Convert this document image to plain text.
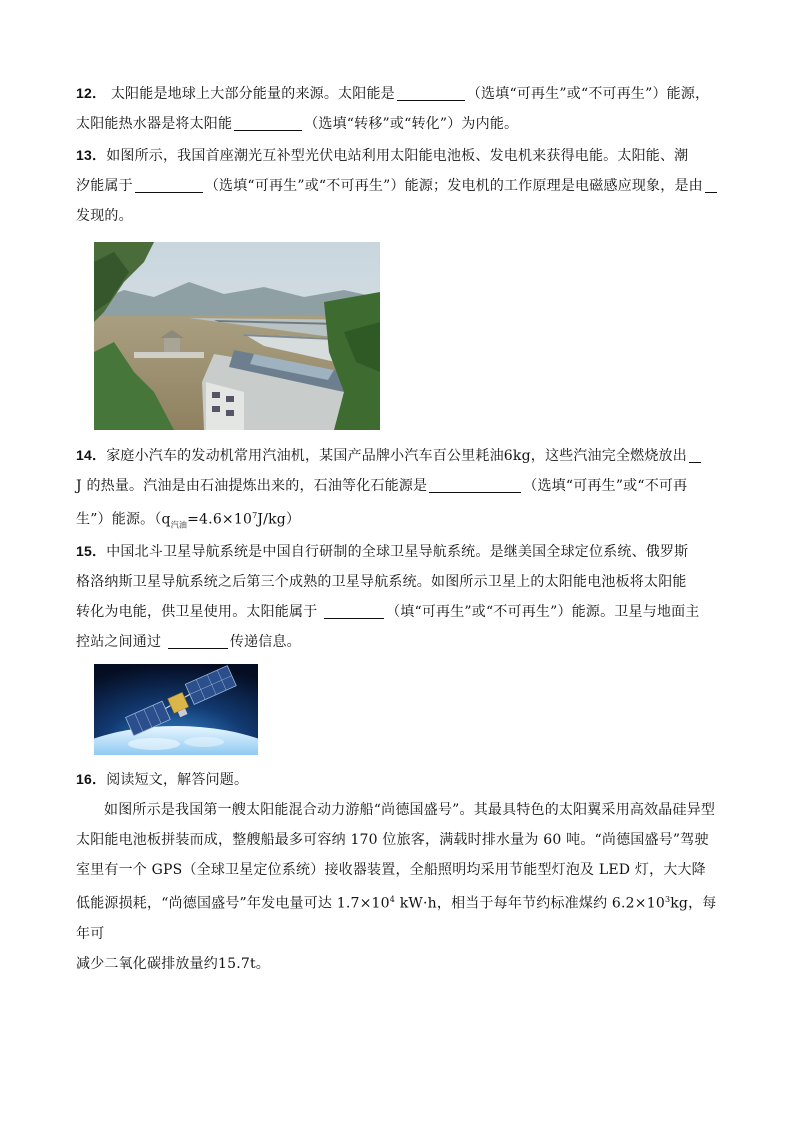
12． 太阳能是地球上大部分能量的来源。太阳能是	（选填“可再生”或“不可再生”）能源，

太阳能热水器是将太阳能	（选填“转移”或“转化”）为内能。

13．如图所示，我国首座潮光互补型光伏电站利用太阳能电池板、发电机来获得电能。太阳能、潮

汐能属于	（选填“可再生”或“不可再生”）能源；发电机的工作原理是电磁感应现象，是由

发现的。

14．家庭小汽车的发动机常用汽油机，某国产品牌小汽车百公里耗油6kg，这些汽油完全燃烧放出

J 的热量。汽油是由石油提炼出来的，石油等化石能源是	（选填“可再生”或“不可再

生”）能源。$(q_{汽油}=4.6\times 10^7J/kg)$

15．中国北斗卫星导航系统是中国自行研制的全球卫星导航系统。是继美国全球定位系统、俄罗斯

格洛纳斯卫星导航系统之后第三个成熟的卫星导航系统。如图所示卫星上的太阳能电池板将太阳能

转化为电能，供卫星使用。太阳能属于	（填“可再生”或“不可再生”）能源。卫星与地面主

控站之间通过	传递信息。

16．阅读短文，解答问题。

如图所示是我国第一艘太阳能混合动力游船“尚德国盛号”。其最具特色的太阳翼采用高效晶硅异型

太阳能电池板拼装而成，整艘船最多可容纳 170 位旅客，满载时排水量为 60 吨。“尚德国盛号”驾驶

室里有一个 GPS（全球卫星定位系统）接收器装置，全船照明均采用节能型灯泡及 LED 灯，大大降

低能源损耗，“尚德国盛号”年发电量可达 $1.7\times 10^4$ kW·h，相当于每年节约标准煤约 $6.2\times 10^3kg$，每年可

减少二氧化碳排放量约15.7t。
